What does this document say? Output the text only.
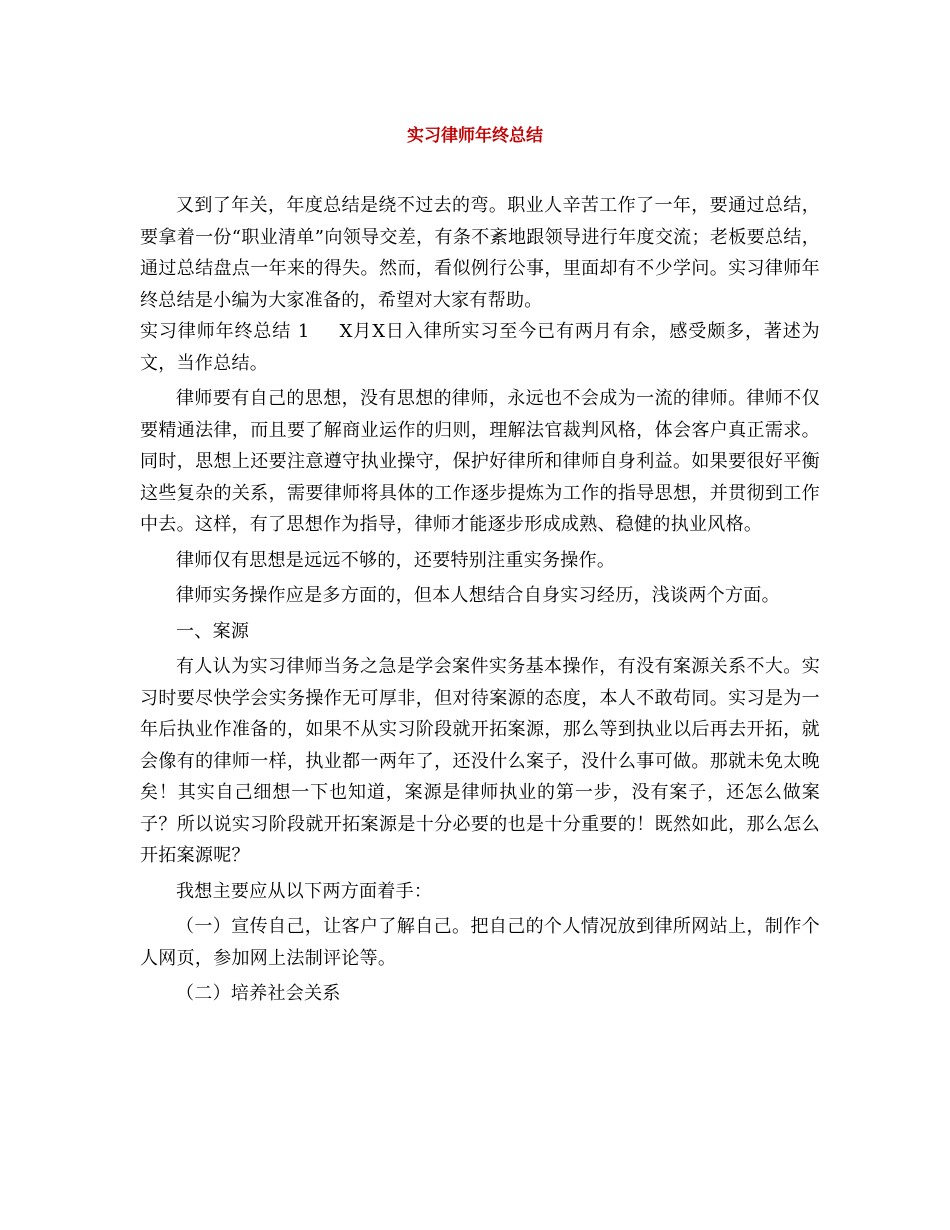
实习律师年终总结

又到了年关，年度总结是绕不过去的弯。职业人辛苦工作了一年，要通过总结，要拿着一份“职业清单”向领导交差，有条不紊地跟领导进行年度交流；老板要总结，通过总结盘点一年来的得失。然而，看似例行公事，里面却有不少学问。实习律师年终总结是小编为大家准备的，希望对大家有帮助。

实习律师年终总结 1 X月X日入律所实习至今已有两月有余，感受颇多，著述为文，当作总结。

律师要有自己的思想，没有思想的律师，永远也不会成为一流的律师。律师不仅要精通法律，而且要了解商业运作的归则，理解法官裁判风格，体会客户真正需求。同时，思想上还要注意遵守执业操守，保护好律所和律师自身利益。如果要很好平衡这些复杂的关系，需要律师将具体的工作逐步提炼为工作的指导思想，并贯彻到工作中去。这样，有了思想作为指导，律师才能逐步形成成熟、稳健的执业风格。

律师仅有思想是远远不够的，还要特别注重实务操作。

律师实务操作应是多方面的，但本人想结合自身实习经历，浅谈两个方面。

一、案源

有人认为实习律师当务之急是学会案件实务基本操作，有没有案源关系不大。实习时要尽快学会实务操作无可厚非，但对待案源的态度，本人不敢苟同。实习是为一年后执业作准备的，如果不从实习阶段就开拓案源，那么等到执业以后再去开拓，就会像有的律师一样，执业都一两年了，还没什么案子，没什么事可做。那就未免太晚矣！其实自己细想一下也知道，案源是律师执业的第一步，没有案子，还怎么做案子？所以说实习阶段就开拓案源是十分必要的也是十分重要的！既然如此，那么怎么开拓案源呢？

我想主要应从以下两方面着手：

（一）宣传自己，让客户了解自己。把自己的个人情况放到律所网站上，制作个人网页，参加网上法制评论等。

（二）培养社会关系
